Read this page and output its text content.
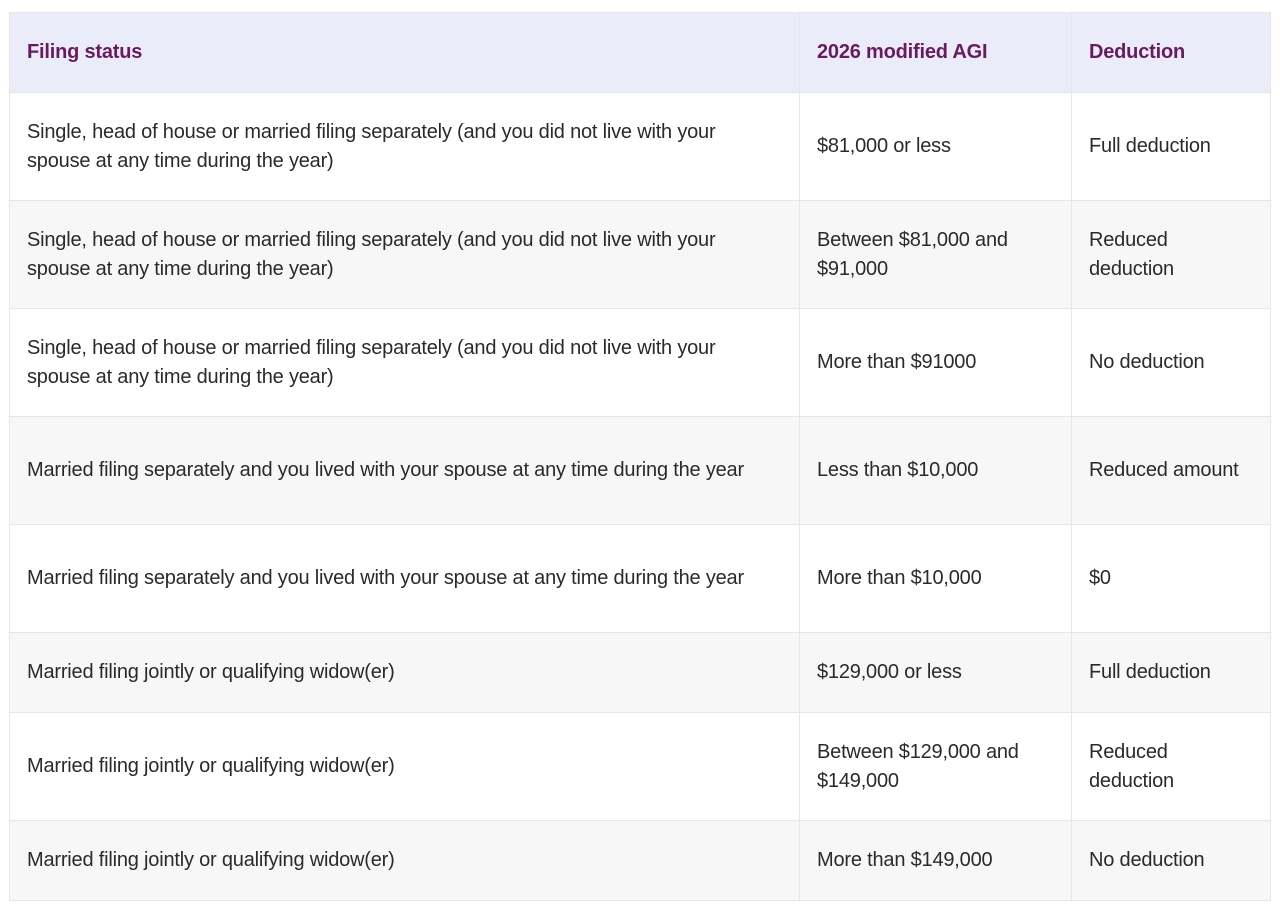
Filing status	2026 modified AGI	Deduction
Single, head of house or married filing separately (and you did not live with your spouse at any time during the year)	$81,000 or less	Full deduction
Single, head of house or married filing separately (and you did not live with your spouse at any time during the year)	Between $81,000 and $91,000	Reduced deduction
Single, head of house or married filing separately (and you did not live with your spouse at any time during the year)	More than $91000	No deduction
Married filing separately and you lived with your spouse at any time during the year	Less than $10,000	Reduced amount
Married filing separately and you lived with your spouse at any time during the year	More than $10,000	$0
Married filing jointly or qualifying widow(er)	$129,000 or less	Full deduction
Married filing jointly or qualifying widow(er)	Between $129,000 and $149,000	Reduced deduction
Married filing jointly or qualifying widow(er)	More than $149,000	No deduction
